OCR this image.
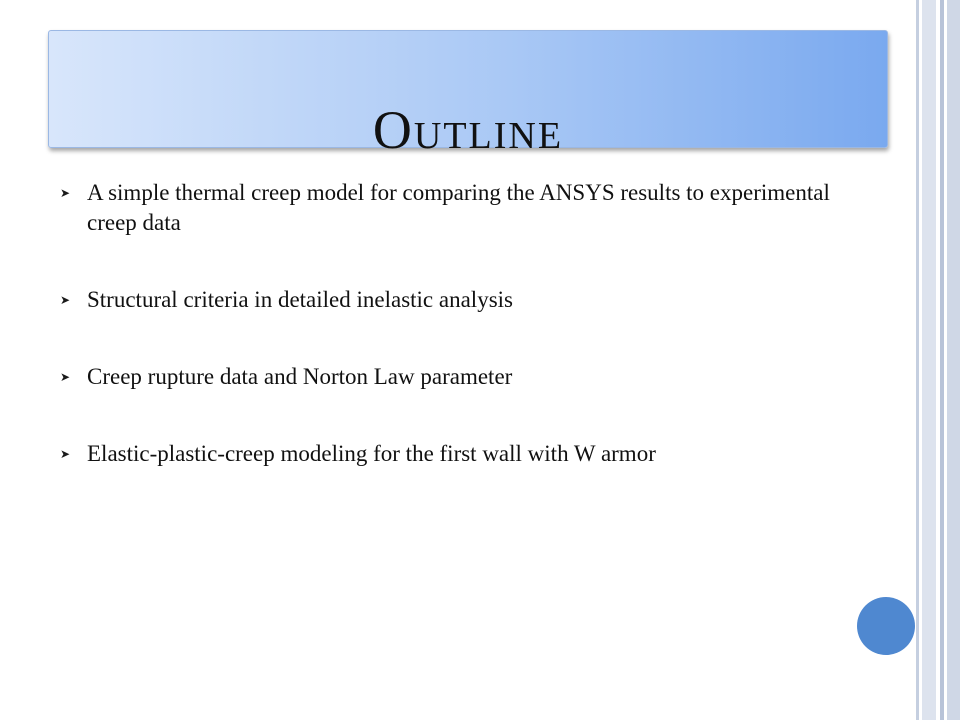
Outline
➤ A simple thermal creep model for comparing the ANSYS results to experimental creep data
➤ Structural criteria in detailed inelastic analysis
➤ Creep rupture data and Norton Law parameter
➤ Elastic-plastic-creep modeling for the first wall with W armor
